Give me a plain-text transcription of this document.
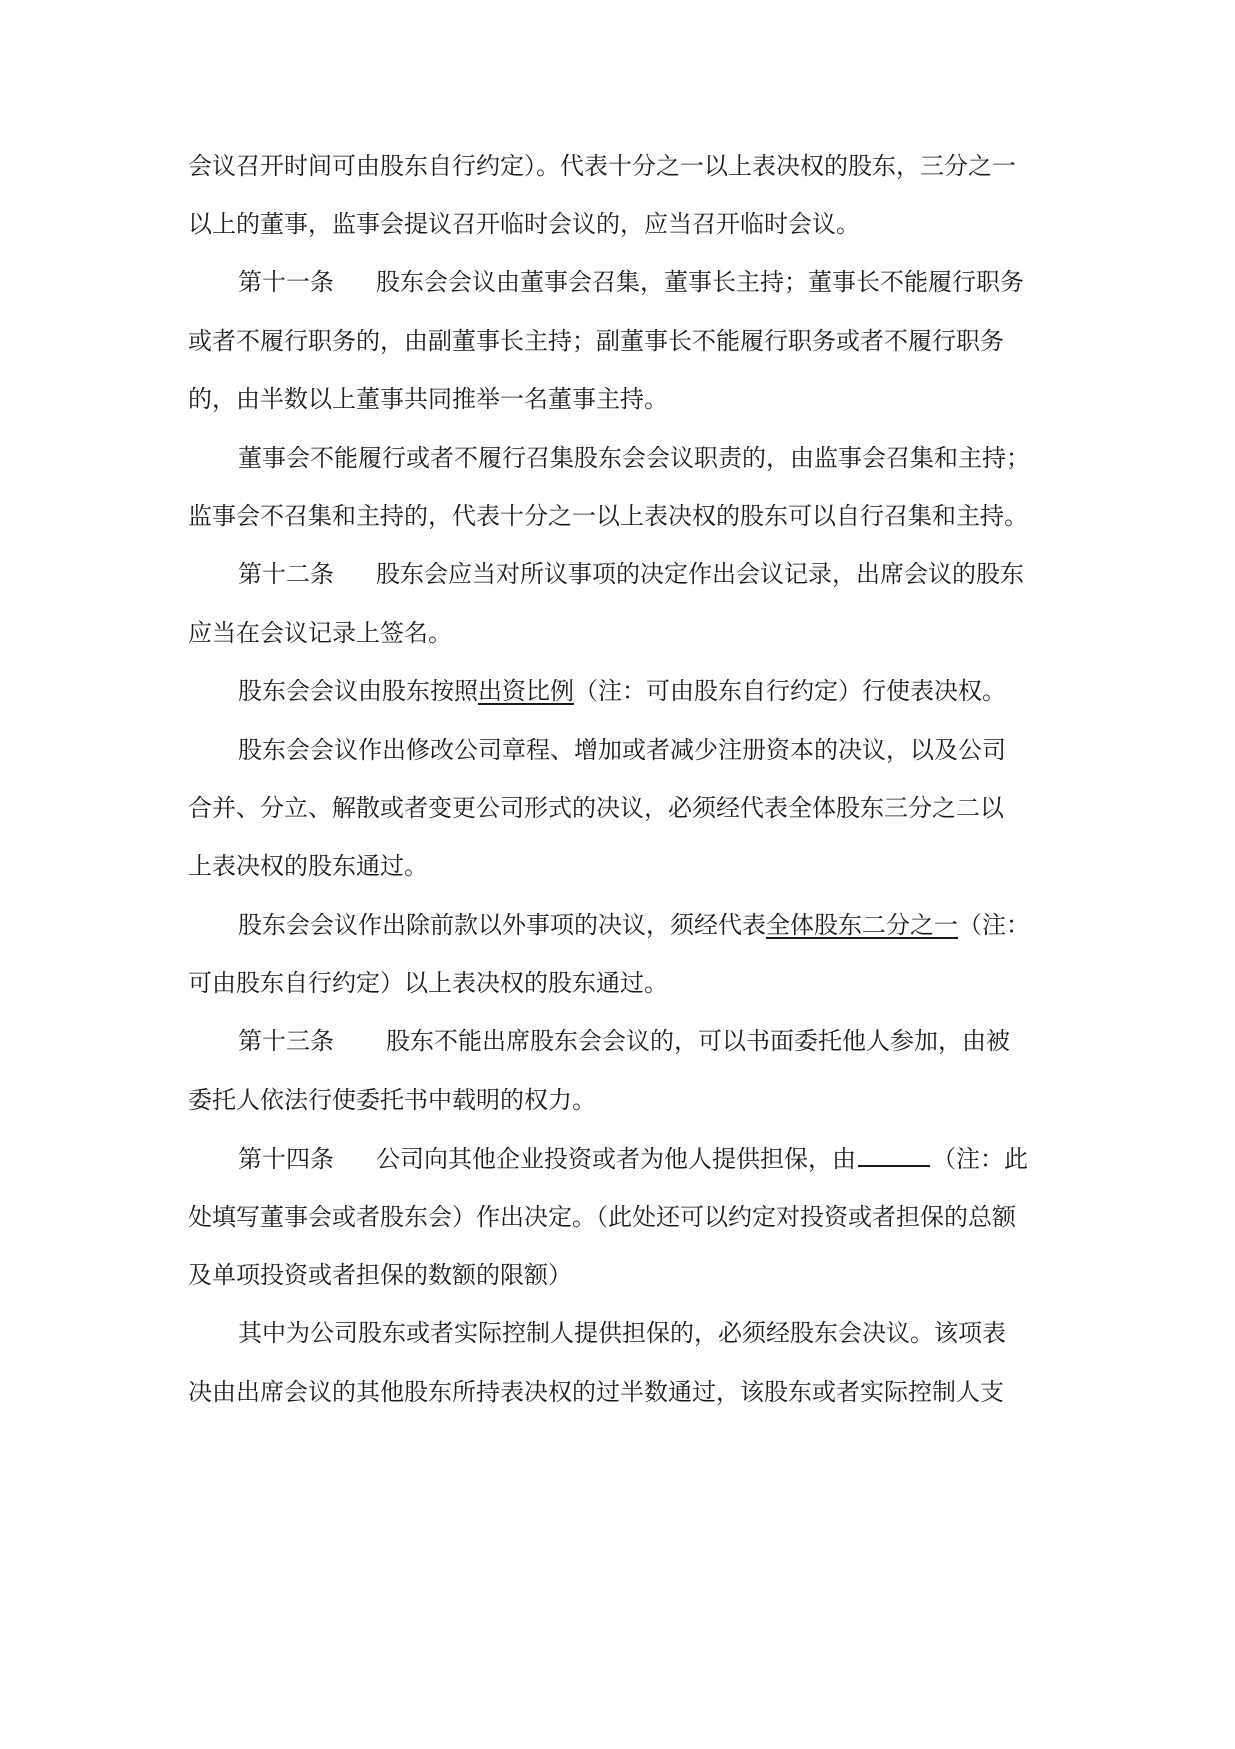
会议召开时间可由股东自行约定）。代表十分之一以上表决权的股东，三分之一
以上的董事，监事会提议召开临时会议的，应当召开临时会议。
第十一条 股东会会议由董事会召集，董事长主持；董事长不能履行职务
或者不履行职务的，由副董事长主持；副董事长不能履行职务或者不履行职务
的，由半数以上董事共同推举一名董事主持。
董事会不能履行或者不履行召集股东会会议职责的，由监事会召集和主持；
监事会不召集和主持的，代表十分之一以上表决权的股东可以自行召集和主持。
第十二条 股东会应当对所议事项的决定作出会议记录，出席会议的股东
应当在会议记录上签名。
股东会会议由股东按照出资比例（注：可由股东自行约定）行使表决权。
股东会会议作出修改公司章程、增加或者减少注册资本的决议，以及公司
合并、分立、解散或者变更公司形式的决议，必须经代表全体股东三分之二以
上表决权的股东通过。
股东会会议作出除前款以外事项的决议，须经代表全体股东二分之一（注：
可由股东自行约定）以上表决权的股东通过。
第十三条 股东不能出席股东会会议的，可以书面委托他人参加，由被
委托人依法行使委托书中载明的权力。
第十四条 公司向其他企业投资或者为他人提供担保，由	（注：此
处填写董事会或者股东会）作出决定。（此处还可以约定对投资或者担保的总额
及单项投资或者担保的数额的限额）
其中为公司股东或者实际控制人提供担保的，必须经股东会决议。该项表
决由出席会议的其他股东所持表决权的过半数通过，该股东或者实际控制人支
